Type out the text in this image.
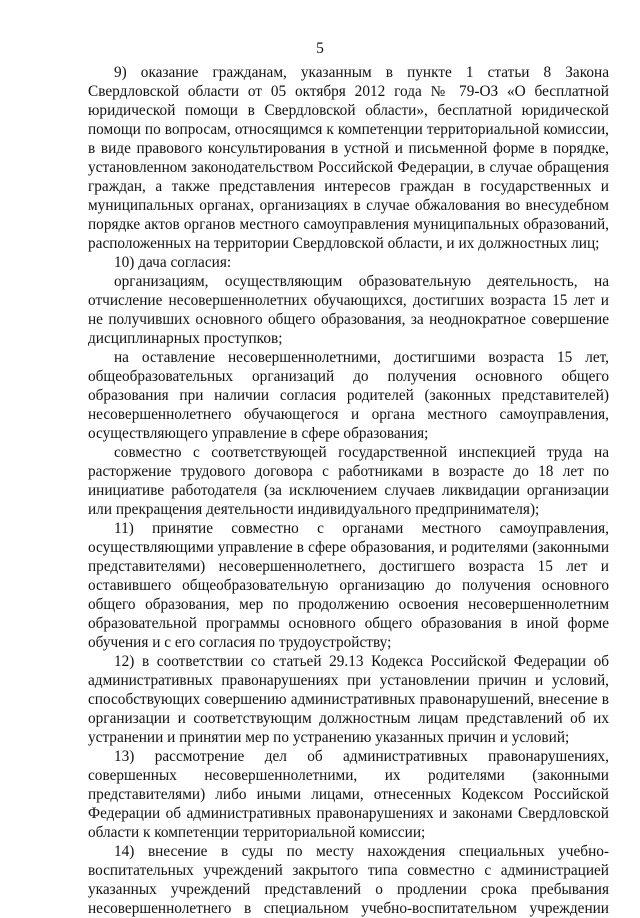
5

9) оказание гражданам, указанным в пункте 1 статьи 8 Закона Свердловской области от 05 октября 2012 года № 79-ОЗ «О бесплатной юридической помощи в Свердловской области», бесплатной юридической помощи по вопросам, относящимся к компетенции территориальной комиссии, в виде правового консультирования в устной и письменной форме в порядке, установленном законодательством Российской Федерации, в случае обращения граждан, а также представления интересов граждан в государственных и муниципальных органах, организациях в случае обжалования во внесудебном порядке актов органов местного самоуправления муниципальных образований, расположенных на территории Свердловской области, и их должностных лиц;

10) дача согласия:

организациям, осуществляющим образовательную деятельность, на отчисление несовершеннолетних обучающихся, достигших возраста 15 лет и не получивших основного общего образования, за неоднократное совершение дисциплинарных проступков;

на оставление несовершеннолетними, достигшими возраста 15 лет, общеобразовательных организаций до получения основного общего образования при наличии согласия родителей (законных представителей) несовершеннолетнего обучающегося и органа местного самоуправления, осуществляющего управление в сфере образования;

совместно с соответствующей государственной инспекцией труда на расторжение трудового договора с работниками в возрасте до 18 лет по инициативе работодателя (за исключением случаев ликвидации организации или прекращения деятельности индивидуального предпринимателя);

11) принятие совместно с органами местного самоуправления, осуществляющими управление в сфере образования, и родителями (законными представителями) несовершеннолетнего, достигшего возраста 15 лет и оставившего общеобразовательную организацию до получения основного общего образования, мер по продолжению освоения несовершеннолетним образовательной программы основного общего образования в иной форме обучения и с его согласия по трудоустройству;

12) в соответствии со статьей 29.13 Кодекса Российской Федерации об административных правонарушениях при установлении причин и условий, способствующих совершению административных правонарушений, внесение в организации и соответствующим должностным лицам представлений об их устранении и принятии мер по устранению указанных причин и условий;

13) рассмотрение дел об административных правонарушениях, совершенных несовершеннолетними, их родителями (законными представителями) либо иными лицами, отнесенных Кодексом Российской Федерации об административных правонарушениях и законами Свердловской области к компетенции территориальной комиссии;

14) внесение в суды по месту нахождения специальных учебно-воспитательных учреждений закрытого типа совместно с администрацией указанных учреждений представлений о продлении срока пребывания несовершеннолетнего в специальном учебно-воспитательном учреждении
